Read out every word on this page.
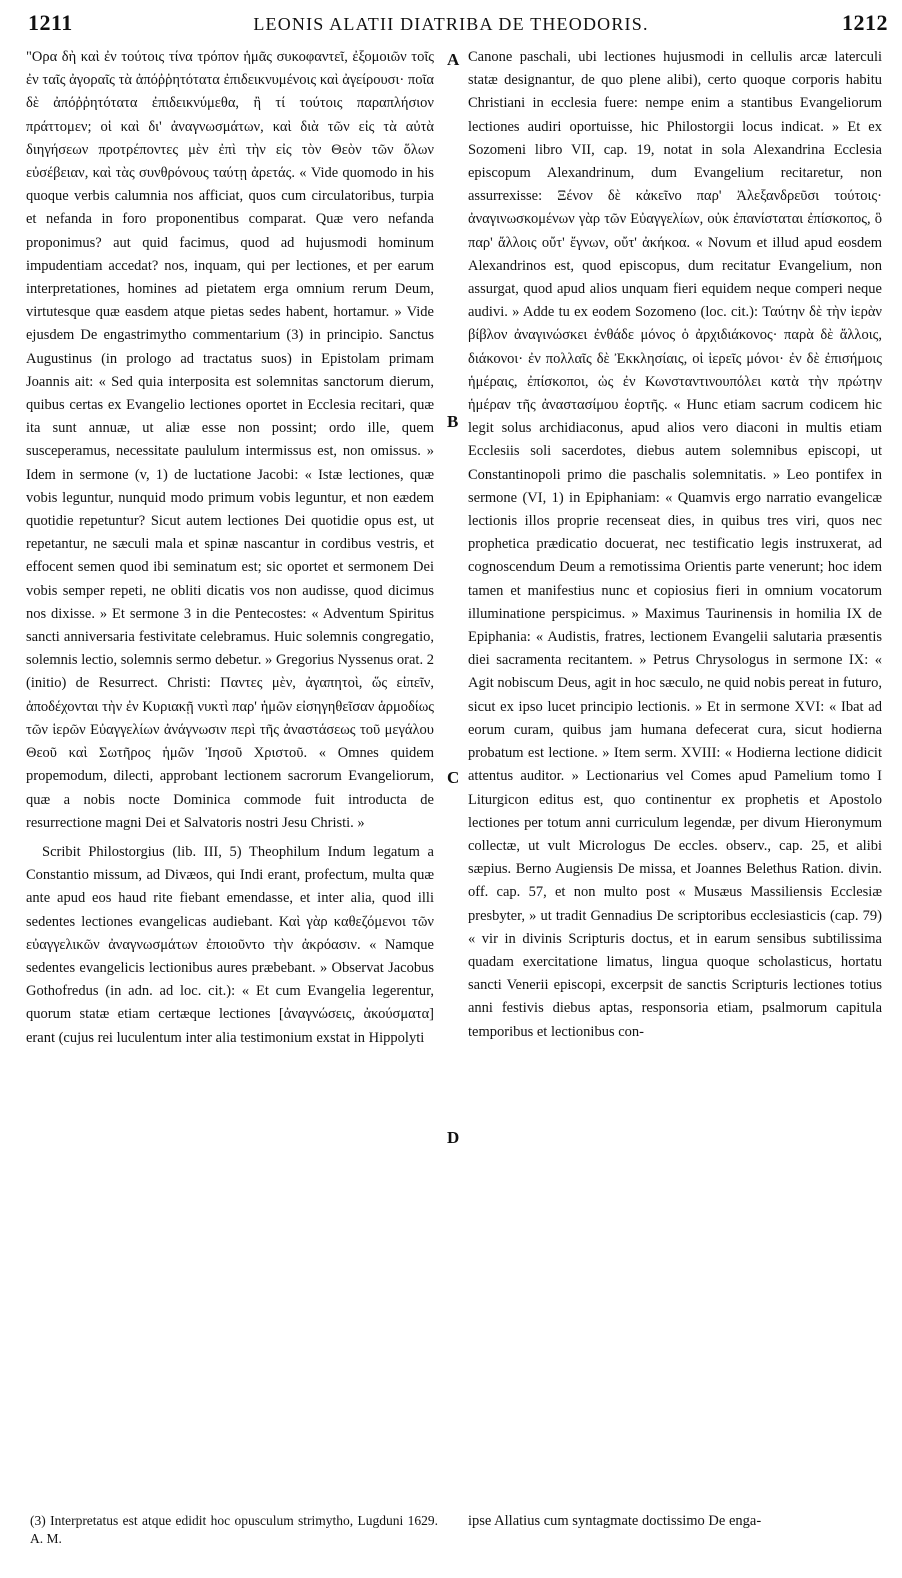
1211	LEONIS ALATII DIATRIBA DE THEODORIS.	1212
A
B
C
D

"Ορα δὴ καὶ ἐν τούτοις τίνα τρόπον ἡμᾶς συκοφαντεῖ, ἐξομοιῶν τοῖς ἐν ταῖς ἀγοραῖς τὰ ἀπόῤῥητότατα ἐπιδεικνυμένοις καὶ ἀγείρουσι· ποῖα δὲ ἀπόῤῥητότατα ἐπιδεικνύμεθα, ἢ τί τούτοις παραπλήσιον πράττομεν; οἱ καὶ δι' ἀναγνωσμάτων, καὶ διὰ τῶν εἰς τὰ αὐτὰ διηγήσεων προτρέποντες μὲν ἐπὶ τὴν εἰς τὸν Θεὸν τῶν ὅλων εὐσέβειαν, καὶ τὰς συνθρόνους ταύτῃ ἀρετάς. « Vide quomodo in his quoque verbis calumnia nos afficiat, quos cum circulatoribus, turpia et nefanda in foro proponentibus comparat. Quæ vero nefanda proponimus? aut quid facimus, quod ad hujusmodi hominum impudentiam accedat? nos, inquam, qui per lectiones, et per earum interpretationes, homines ad pietatem erga omnium rerum Deum, virtutesque quæ easdem atque pietas sedes habent, hortamur. » Vide ejusdem De engastrimytho commentarium (3) in principio. Sanctus Augustinus (in prologo ad tractatus suos) in Epistolam primam Joannis ait: « Sed quia interposita est solemnitas sanctorum dierum, quibus certas ex Evangelio lectiones oportet in Ecclesia recitari, quæ ita sunt annuæ, ut aliæ esse non possint; ordo ille, quem susceperamus, necessitate paululum intermissus est, non omissus. » Idem in sermone (v, 1) de luctatione Jacobi: « Istæ lectiones, quæ vobis leguntur, nunquid modo primum vobis leguntur, et non eædem quotidie repetuntur? Sicut autem lectiones Dei quotidie opus est, ut repetantur, ne sæculi mala et spinæ nascantur in cordibus vestris, et effocent semen quod ibi seminatum est; sic oportet et sermonem Dei vobis semper repeti, ne obliti dicatis vos non audisse, quod dicimus nos dixisse. » Et sermone 3 in die Pentecostes: « Adventum Spiritus sancti anniversaria festivitate celebramus. Huic solemnis congregatio, solemnis lectio, solemnis sermo debetur. » Gregorius Nyssenus orat. 2 (initio) de Resurrect. Christi: Παντες μὲν, ἀγαπητοὶ, ὥς εἰπεῖν, ἀποδέχονται τὴν ἐν Κυριακῇ νυκτὶ παρ' ἡμῶν εἰσηγηθεῖσαν ἁρμοδίως τῶν ἱερῶν Εὐαγγελίων ἀνάγνωσιν περὶ τῆς ἀναστάσεως τοῦ μεγάλου Θεοῦ καὶ Σωτῆρος ἡμῶν Ἰησοῦ Χριστοῦ. « Omnes quidem propemodum, dilecti, approbant lectionem sacrorum Evangeliorum, quæ a nobis nocte Dominica commode fuit introducta de resurrectione magni Dei et Salvatoris nostri Jesu Christi. »

Scribit Philostorgius (lib. III, 5) Theophilum Indum legatum a Constantio missum, ad Divæos, qui Indi erant, profectum, multa quæ ante apud eos haud rite fiebant emendasse, et inter alia, quod illi sedentes lectiones evangelicas audiebant. Καὶ γὰρ καθεζόμενοι τῶν εὐαγγελικῶν ἀναγνωσμάτων ἐποιοῦντο τὴν ἀκρόασιν. « Namque sedentes evangelicis lectionibus aures præbebant. » Observat Jacobus Gothofredus (in adn. ad loc. cit.): « Et cum Evangelia legerentur, quorum statæ etiam certæque lectiones [ἀναγνώσεις, ἀκούσματα] erant (cujus rei luculentum inter alia testimonium exstat in Hippolyti

Canone paschali, ubi lectiones hujusmodi in cellulis arcæ laterculi statæ designantur, de quo plene alibi), certo quoque corporis habitu Christiani in ecclesia fuere: nempe enim a stantibus Evangeliorum lectiones audiri oportuisse, hic Philostorgii locus indicat. » Et ex Sozomeni libro VII, cap. 19, notat in sola Alexandrina Ecclesia episcopum Alexandrinum, dum Evangelium recitaretur, non assurrexisse: Ξένον δὲ κἀκεῖνο παρ' Ἀλεξανδρεῦσι τούτοις· ἀναγινωσκομένων γὰρ τῶν Εὐαγγελίων, οὐκ ἐπανίσταται ἐπίσκοπος, ὃ παρ' ἄλλοις οὔτ' ἔγνων, οὔτ' ἀκήκοα. « Novum et illud apud eosdem Alexandrinos est, quod episcopus, dum recitatur Evangelium, non assurgat, quod apud alios unquam fieri equidem neque comperi neque audivi. » Adde tu ex eodem Sozomeno (loc. cit.): Ταύτην δὲ τὴν ἱερὰν βίβλον ἀναγινώσκει ἐνθάδε μόνος ὁ ἀρχιδιάκονος· παρὰ δὲ ἄλλοις, διάκονοι· ἐν πολλαῖς δὲ Ἐκκλησίαις, οἱ ἱερεῖς μόνοι· ἐν δὲ ἐπισήμοις ἡμέραις, ἐπίσκοποι, ὡς ἐν Κωνσταντινουπόλει κατὰ τὴν πρώτην ἡμέραν τῆς ἀναστασίμου ἑορτῆς. « Hunc etiam sacrum codicem hic legit solus archidiaconus, apud alios vero diaconi in multis etiam Ecclesiis soli sacerdotes, diebus autem solemnibus episcopi, ut Constantinopoli primo die paschalis solemnitatis. » Leo pontifex in sermone (VI, 1) in Epiphaniam: « Quamvis ergo narratio evangelicæ lectionis illos proprie recenseat dies, in quibus tres viri, quos nec prophetica prædicatio docuerat, nec testificatio legis instruxerat, ad cognoscendum Deum a remotissima Orientis parte venerunt; hoc idem tamen et manifestius nunc et copiosius fieri in omnium vocatorum illuminatione perspicimus. » Maximus Taurinensis in homilia IX de Epiphania: « Audistis, fratres, lectionem Evangelii salutaria præsentis diei sacramenta recitantem. » Petrus Chrysologus in sermone IX: « Agit nobiscum Deus, agit in hoc sæculo, ne quid nobis pereat in futuro, sicut ex ipso lucet principio lectionis. » Et in sermone XVI: « Ibat ad eorum curam, quibus jam humana defecerat cura, sicut hodierna probatum est lectione. » Item serm. XVIII: « Hodierna lectione didicit attentus auditor. » Lectionarius vel Comes apud Pamelium tomo I Liturgicon editus est, quo continentur ex prophetis et Apostolo lectiones per totum anni curriculum legendæ, per divum Hieronymum collectæ, ut vult Micrologus De eccles. observ., cap. 25, et alibi sæpius. Berno Augiensis De missa, et Joannes Belethus Ration. divin. off. cap. 57, et non multo post « Musæus Massiliensis Ecclesiæ presbyter, » ut tradit Gennadius De scriptoribus ecclesiasticis (cap. 79) « vir in divinis Scripturis doctus, et in earum sensibus subtilissima quadam exercitatione limatus, lingua quoque scholasticus, hortatu sancti Venerii episcopi, excerpsit de sanctis Scripturis lectiones totius anni festivis diebus aptas, responsoria etiam, psalmorum capitula temporibus et lectionibus con-

(3) Interpretatus est atque edidit hoc opusculum strimytho, Lugduni 1629. A. M.
ipse Allatius cum syntagmate doctissimo De enga-
